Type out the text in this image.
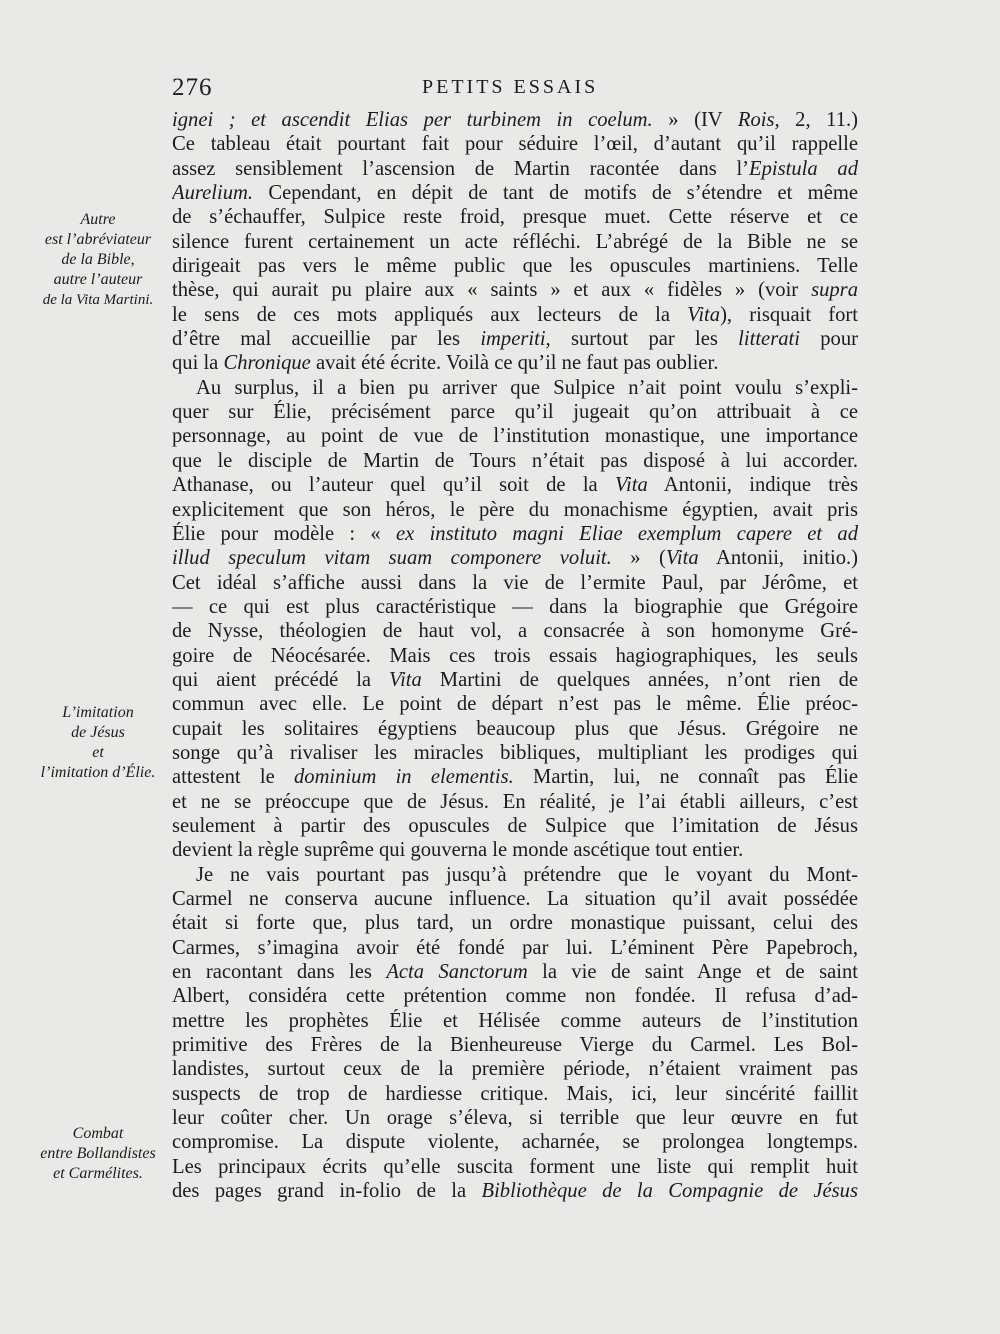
276	PETITS ESSAIS
Autre
est l’abréviateur
de la Bible,
autre l’auteur
de la Vita Martini.
L’imitation
de Jésus
et
l’imitation d’Élie.
Combat
entre Bollandistes
et Carmélites.
ignei ; et ascendit Elias per turbinem in coelum. » (IV Rois, 2, 11.)
Ce tableau était pourtant fait pour séduire l’œil, d’autant qu’il rappelle
assez sensiblement l’ascension de Martin racontée dans l’Epistula ad
Aurelium. Cependant, en dépit de tant de motifs de s’étendre et même
de s’échauffer, Sulpice reste froid, presque muet. Cette réserve et ce
silence furent certainement un acte réfléchi. L’abrégé de la Bible ne se
dirigeait pas vers le même public que les opuscules martiniens. Telle
thèse, qui aurait pu plaire aux « saints » et aux « fidèles » (voir supra
le sens de ces mots appliqués aux lecteurs de la Vita), risquait fort
d’être mal accueillie par les imperiti, surtout par les litterati pour
qui la Chronique avait été écrite. Voilà ce qu’il ne faut pas oublier.
Au surplus, il a bien pu arriver que Sulpice n’ait point voulu s’expli-
quer sur Élie, précisément parce qu’il jugeait qu’on attribuait à ce
personnage, au point de vue de l’institution monastique, une importance
que le disciple de Martin de Tours n’était pas disposé à lui accorder.
Athanase, ou l’auteur quel qu’il soit de la Vita Antonii, indique très
explicitement que son héros, le père du monachisme égyptien, avait pris
Élie pour modèle : « ex instituto magni Eliae exemplum capere et ad
illud speculum vitam suam componere voluit. » (Vita Antonii, initio.)
Cet idéal s’affiche aussi dans la vie de l’ermite Paul, par Jérôme, et
— ce qui est plus caractéristique — dans la biographie que Grégoire
de Nysse, théologien de haut vol, a consacrée à son homonyme Gré-
goire de Néocésarée. Mais ces trois essais hagiographiques, les seuls
qui aient précédé la Vita Martini de quelques années, n’ont rien de
commun avec elle. Le point de départ n’est pas le même. Élie préoc-
cupait les solitaires égyptiens beaucoup plus que Jésus. Grégoire ne
songe qu’à rivaliser les miracles bibliques, multipliant les prodiges qui
attestent le dominium in elementis. Martin, lui, ne connaît pas Élie
et ne se préoccupe que de Jésus. En réalité, je l’ai établi ailleurs, c’est
seulement à partir des opuscules de Sulpice que l’imitation de Jésus
devient la règle suprême qui gouverna le monde ascétique tout entier.
Je ne vais pourtant pas jusqu’à prétendre que le voyant du Mont-
Carmel ne conserva aucune influence. La situation qu’il avait possédée
était si forte que, plus tard, un ordre monastique puissant, celui des
Carmes, s’imagina avoir été fondé par lui. L’éminent Père Papebroch,
en racontant dans les Acta Sanctorum la vie de saint Ange et de saint
Albert, considéra cette prétention comme non fondée. Il refusa d’ad-
mettre les prophètes Élie et Hélisée comme auteurs de l’institution
primitive des Frères de la Bienheureuse Vierge du Carmel. Les Bol-
landistes, surtout ceux de la première période, n’étaient vraiment pas
suspects de trop de hardiesse critique. Mais, ici, leur sincérité faillit
leur coûter cher. Un orage s’éleva, si terrible que leur œuvre en fut
compromise. La dispute violente, acharnée, se prolongea longtemps.
Les principaux écrits qu’elle suscita forment une liste qui remplit huit
des pages grand in-folio de la Bibliothèque de la Compagnie de Jésus
